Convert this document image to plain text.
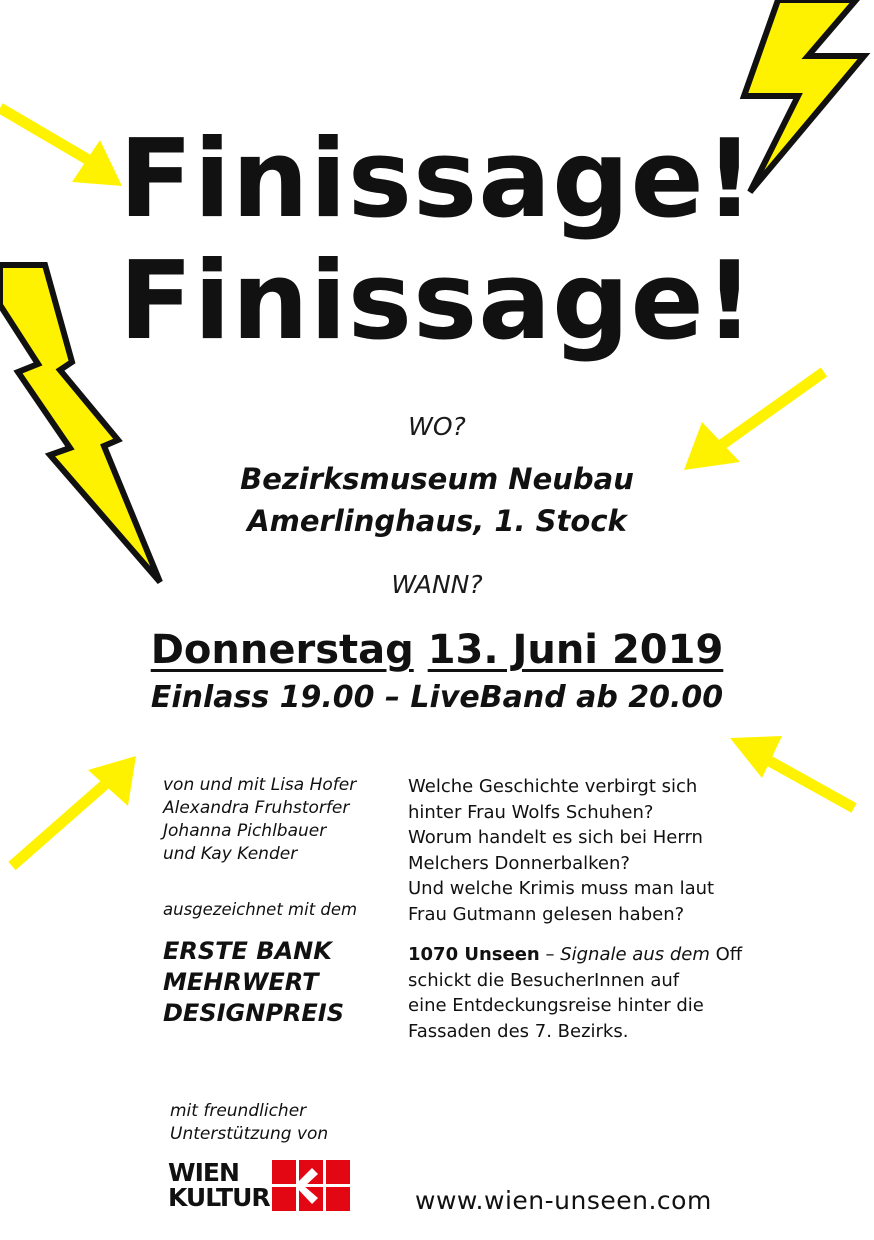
Finissage!
Finissage!
WO?
Bezirksmuseum Neubau
Amerlinghaus, 1. Stock
WANN?
Donnerstag 13. Juni 2019
Einlass 19.00 – LiveBand ab 20.00
von und mit Lisa Hofer
Alexandra Fruhstorfer
Johanna Pichlbauer
und Kay Kender
ausgezeichnet mit dem
ERSTE BANK
MEHRWERT
DESIGNPREIS
Welche Geschichte verbirgt sich
hinter Frau Wolfs Schuhen?
Worum handelt es sich bei Herrn
Melchers Donnerbalken?
Und welche Krimis muss man laut
Frau Gutmann gelesen haben?
1070 Unseen – Signale aus dem Off
schickt die BesucherInnen auf
eine Entdeckungsreise hinter die
Fassaden des 7. Bezirks.
mit freundlicher
Unterstützung von
WIEN
KULTUR	www.wien-unseen.com
